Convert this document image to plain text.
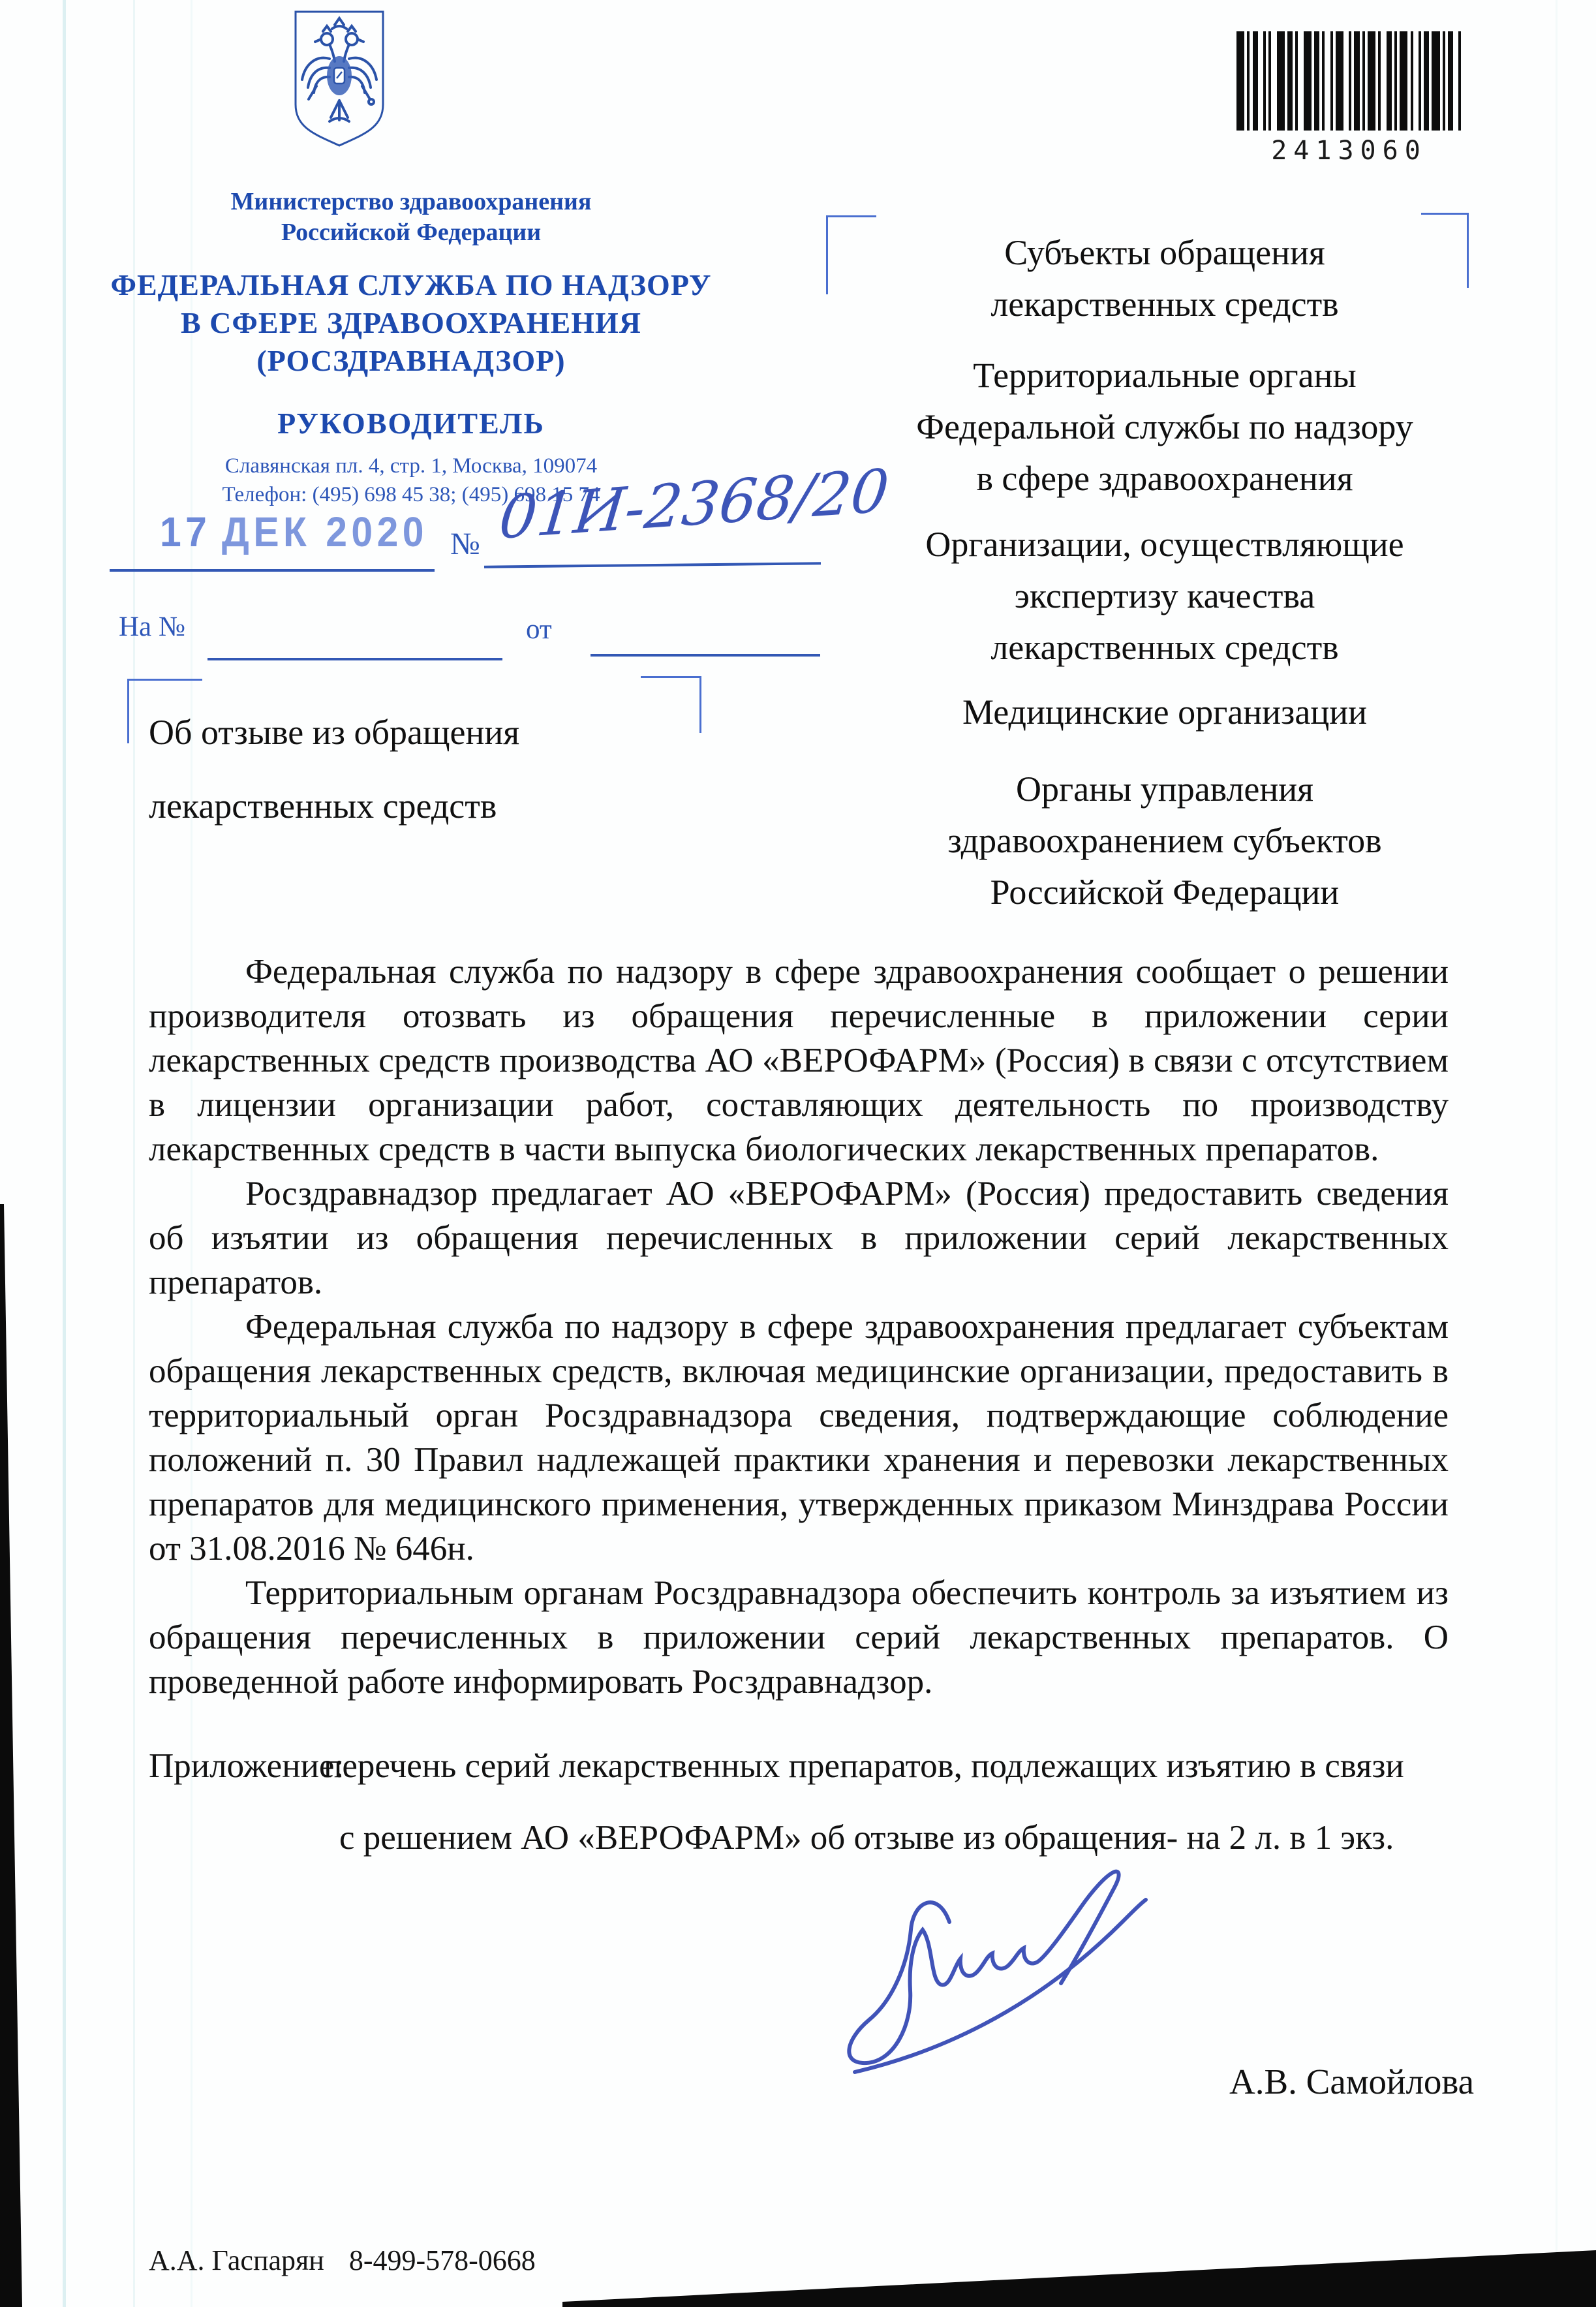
Министерство здравоохранения
Российской Федерации
ФЕДЕРАЛЬНАЯ СЛУЖБА ПО НАДЗОРУ
В СФЕРЕ ЗДРАВООХРАНЕНИЯ
(РОСЗДРАВНАДЗОР)
РУКОВОДИТЕЛЬ
Славянская пл. 4, стр. 1, Москва, 109074
Телефон: (495) 698 45 38; (495) 698 15 74
17 ДЕК 2020 № 01И-2368/20
На №	от
Об отзыве из обращения
лекарственных средств
2413060
Субъекты обращения
лекарственных средств
Территориальные органы
Федеральной службы по надзору
в сфере здравоохранения
Организации, осуществляющие
экспертизу качества
лекарственных средств
Медицинские организации
Органы управления
здравоохранением субъектов
Российской Федерации

Федеральная служба по надзору в сфере здравоохранения сообщает о решении производителя отозвать из обращения перечисленные в приложении серии лекарственных средств производства АО «ВЕРОФАРМ» (Россия) в связи с отсутствием в лицензии организации работ, составляющих деятельность по производству лекарственных средств в части выпуска биологических лекарственных препаратов.

Росздравнадзор предлагает АО «ВЕРОФАРМ» (Россия) предоставить сведения об изъятии из обращения перечисленных в приложении серий лекарственных препаратов.

Федеральная служба по надзору в сфере здравоохранения предлагает субъектам обращения лекарственных средств, включая медицинские организации, предоставить в территориальный орган Росздравнадзора сведения, подтверждающие соблюдение положений п. 30 Правил надлежащей практики хранения и перевозки лекарственных препаратов для медицинского применения, утвержденных приказом Минздрава России от 31.08.2016 № 646н.

Территориальным органам Росздравнадзора обеспечить контроль за изъятием из обращения перечисленных в приложении серий лекарственных препаратов. О проведенной работе информировать Росздравнадзор.

Приложение:
перечень серий лекарственных препаратов, подлежащих изъятию в связи
с решением АО «ВЕРОФАРМ» об отзыве из обращения- на 2 л. в 1 экз.
А.В. Самойлова
А.А. Гаспарян 8-499-578-0668
